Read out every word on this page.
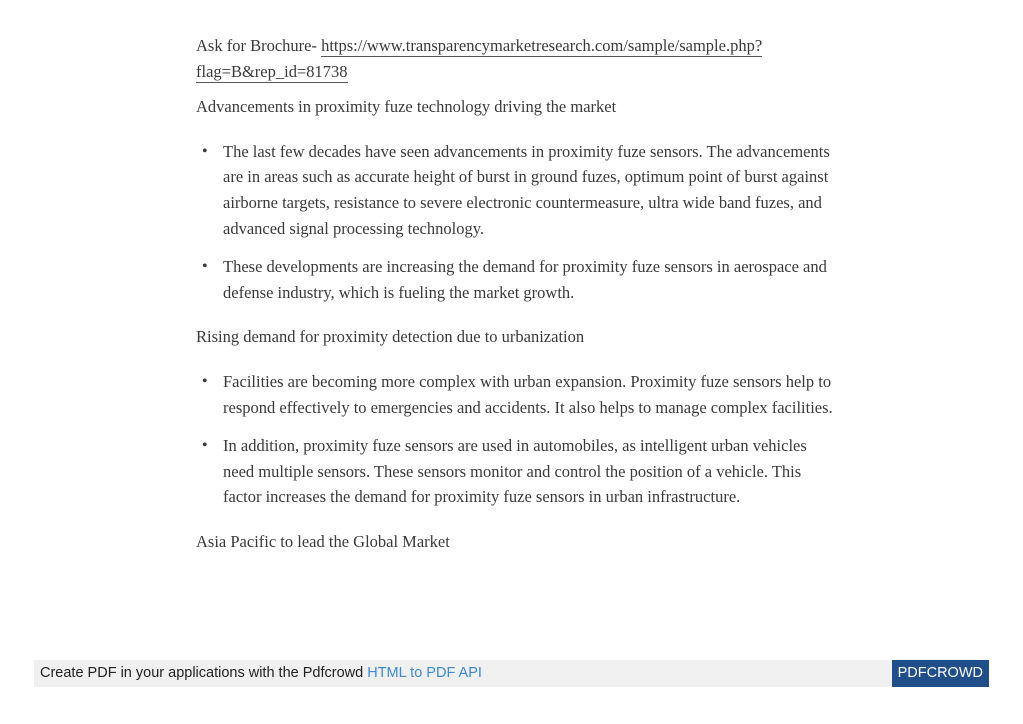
Ask for Brochure- https://www.transparencymarketresearch.com/sample/sample.php?
flag=B&rep_id=81738

Advancements in proximity fuze technology driving the market

• The last few decades have seen advancements in proximity fuze sensors. The advancements are in areas such as accurate height of burst in ground fuzes, optimum point of burst against airborne targets, resistance to severe electronic countermeasure, ultra wide band fuzes, and advanced signal processing technology.
• These developments are increasing the demand for proximity fuze sensors in aerospace and defense industry, which is fueling the market growth.

Rising demand for proximity detection due to urbanization

• Facilities are becoming more complex with urban expansion. Proximity fuze sensors help to respond effectively to emergencies and accidents. It also helps to manage complex facilities.
• In addition, proximity fuze sensors are used in automobiles, as intelligent urban vehicles need multiple sensors. These sensors monitor and control the position of a vehicle. This factor increases the demand for proximity fuze sensors in urban infrastructure.

Asia Pacific to lead the Global Market

Create PDF in your applications with the Pdfcrowd HTML to PDF API	PDFCROWD
